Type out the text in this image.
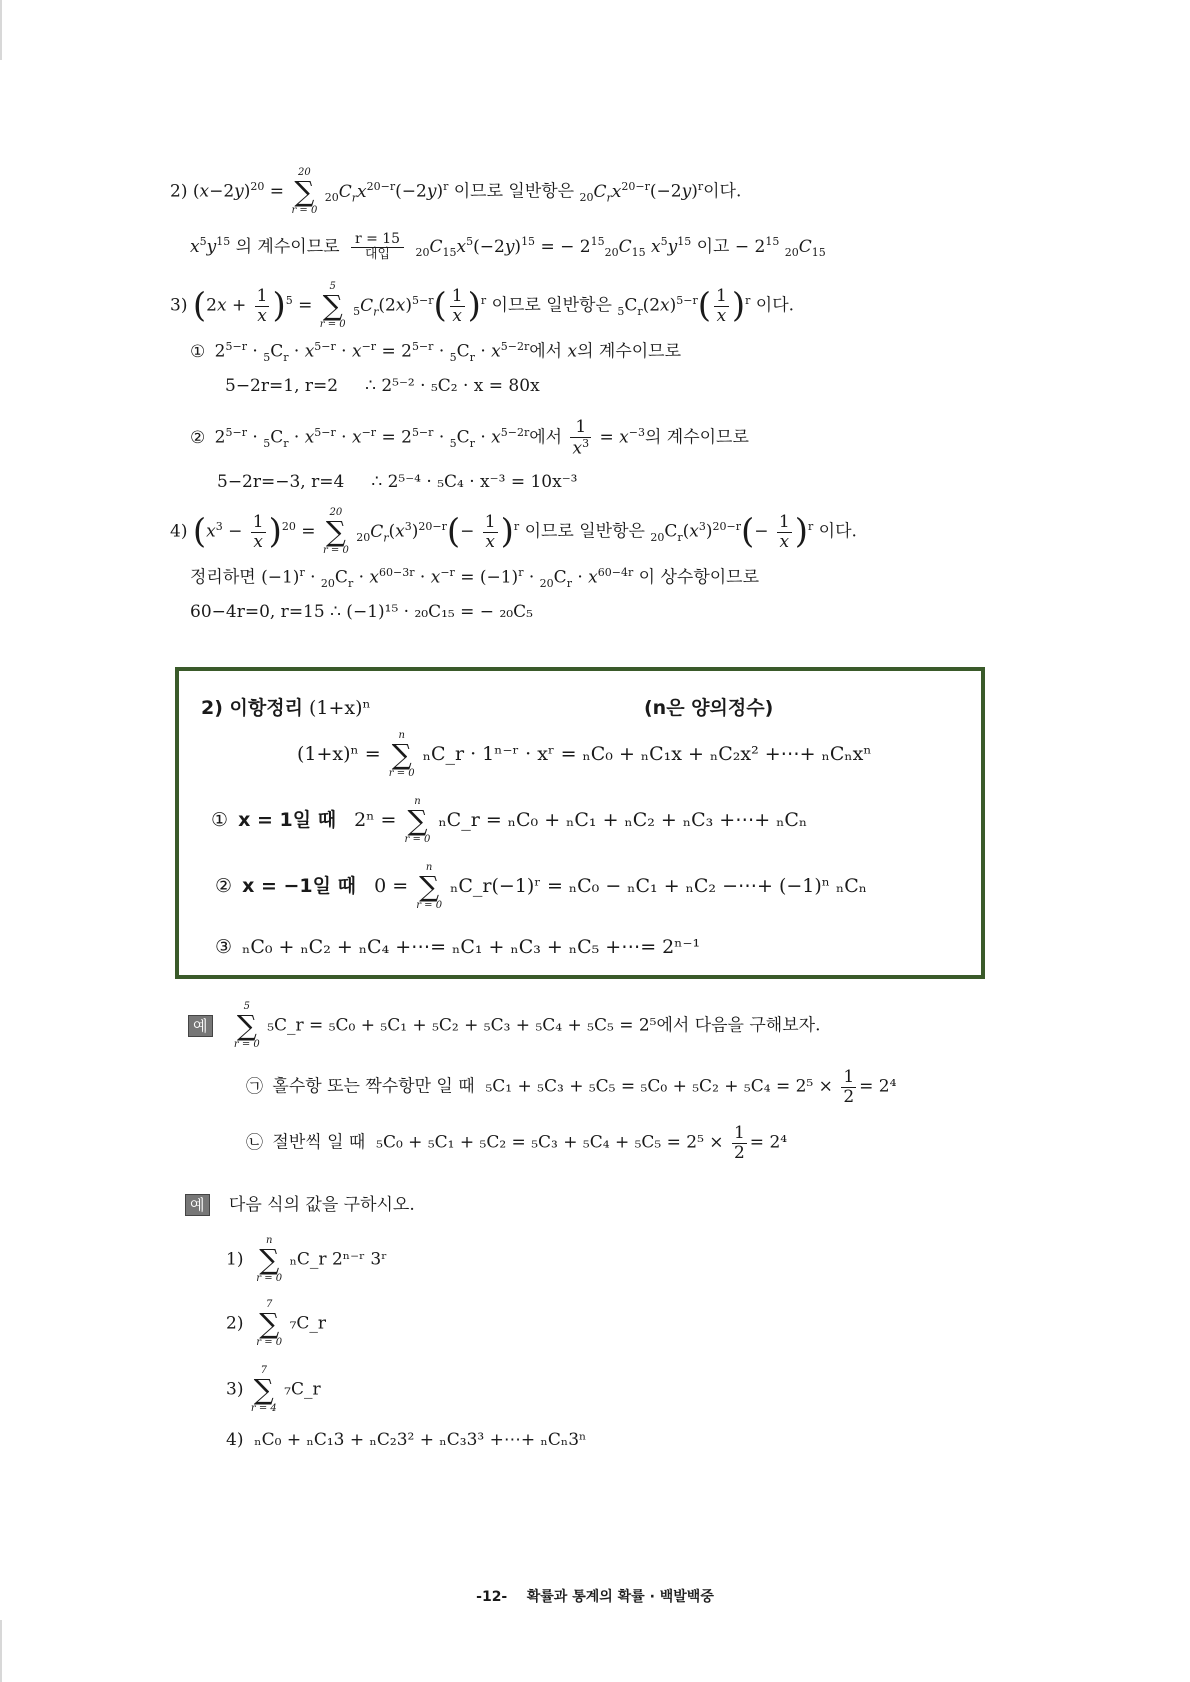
2) $(x-2y)^{20}$ =
20
∑
r = 0
$_{20}C_rx^{20-r}(-2y)^r$ 이므로 일반항은 $_{20}C_rx^{20-r}(-2y)^r$이다.
$x^5y^{15}$ 의 계수이므로 r = 15
대입	$_{20}C_{15}x^5(-2y)^{15}$ = − $2^{15}_{20}C_{15}$ $x^5y^{15}$ 이고 − $2^{15}$ $_{20}C_{15}$
3) $(2x + \frac{1}{x} )^5$ =
5
∑
r = 0
$_5C_r(2x)^{5-r}( \frac{1}{x} )^r$ 이므로 일반항은 $_5C_r(2x)^{5-r}( \frac{1}{x} )^r$ 이다.
① $2^{5-r} \cdot _5C_r \cdot x^{5-r} \cdot x^{-r} = 2^{5-r} \cdot _5C_r \cdot x^{5-2r}$에서 x의 계수이므로
5−2r=1, r=2 ∴ 2⁵⁻² · ₅C₂ · x = 80x
② $2^{5-r} \cdot _5C_r \cdot x^{5-r} \cdot x^{-r} = 2^{5-r} \cdot _5C_r \cdot x^{5-2r}$에서 $\frac{1}{x^3} = x^{-3}$의 계수이므로
5−2r=−3, r=4 ∴ 2⁵⁻⁴ · ₅C₄ · x⁻³ = 10x⁻³
4) $(x^3 - \frac{1}{x} )^{20}$ =
20
∑
r = 0
$_{20}C_r(x^3)^{20-r}(- \frac{1}{x} )^r$ 이므로 일반항은 $_{20}C_r(x^3)^{20-r}(- \frac{1}{x} )^r$ 이다.
정리하면 $(-1)^r \cdot _{20}C_r \cdot x^{60-3r} \cdot x^{-r} = (-1)^r \cdot _{20}C_r \cdot x^{60-4r}$ 이 상수항이므로
60−4r=0, r=15 ∴ (−1)¹⁵ · ₂₀C₁₅ = − ₂₀C₅
2) 이항정리 (1+x)ⁿ	(n은 양의정수)
(1+x)ⁿ =
n
∑
r = 0
ₙC_r · 1ⁿ⁻ʳ · xʳ = ₙC₀ + ₙC₁x + ₙC₂x² +⋯+ ₙCₙxⁿ
① x = 1일 때 2ⁿ =
n
∑
r = 0
ₙC_r = ₙC₀ + ₙC₁ + ₙC₂ + ₙC₃ +⋯+ ₙCₙ
② x = −1일 때 0 =
n
∑
r = 0
ₙC_r(−1)ʳ = ₙC₀ − ₙC₁ + ₙC₂ −⋯+ (−1)ⁿ ₙCₙ
③ ₙC₀ + ₙC₂ + ₙC₄ +⋯= ₙC₁ + ₙC₃ + ₙC₅ +⋯= 2ⁿ⁻¹
예
5
∑
r = 0
₅C_r = ₅C₀ + ₅C₁ + ₅C₂ + ₅C₃ + ₅C₄ + ₅C₅ = 2⁵에서 다음을 구해보자.
㉠ 홀수항 또는 짝수항만 일 때 $_5C_1 + _5C_3 + _5C_5 = _5C_0 + _5C_2 + _5C_4 = 2^5 \times \frac{1}{2} = 2^4$
㉡ 절반씩 일 때 $_5C_0 + _5C_1 + _5C_2 = _5C_3 + _5C_4 + _5C_5 = 2^5 \times \frac{1}{2} = 2^4$
예 다음 식의 값을 구하시오.
1)
n
∑
r = 0
ₙC_r 2ⁿ⁻ʳ 3ʳ
2)
7
∑
r = 0
₇C_r
3)
7
∑
r = 4
₇C_r
4) ₙC₀ + ₙC₁3 + ₙC₂3² + ₙC₃3³ +⋯+ ₙCₙ3ⁿ
-12- 확률과 통계의 확률 · 백발백중
